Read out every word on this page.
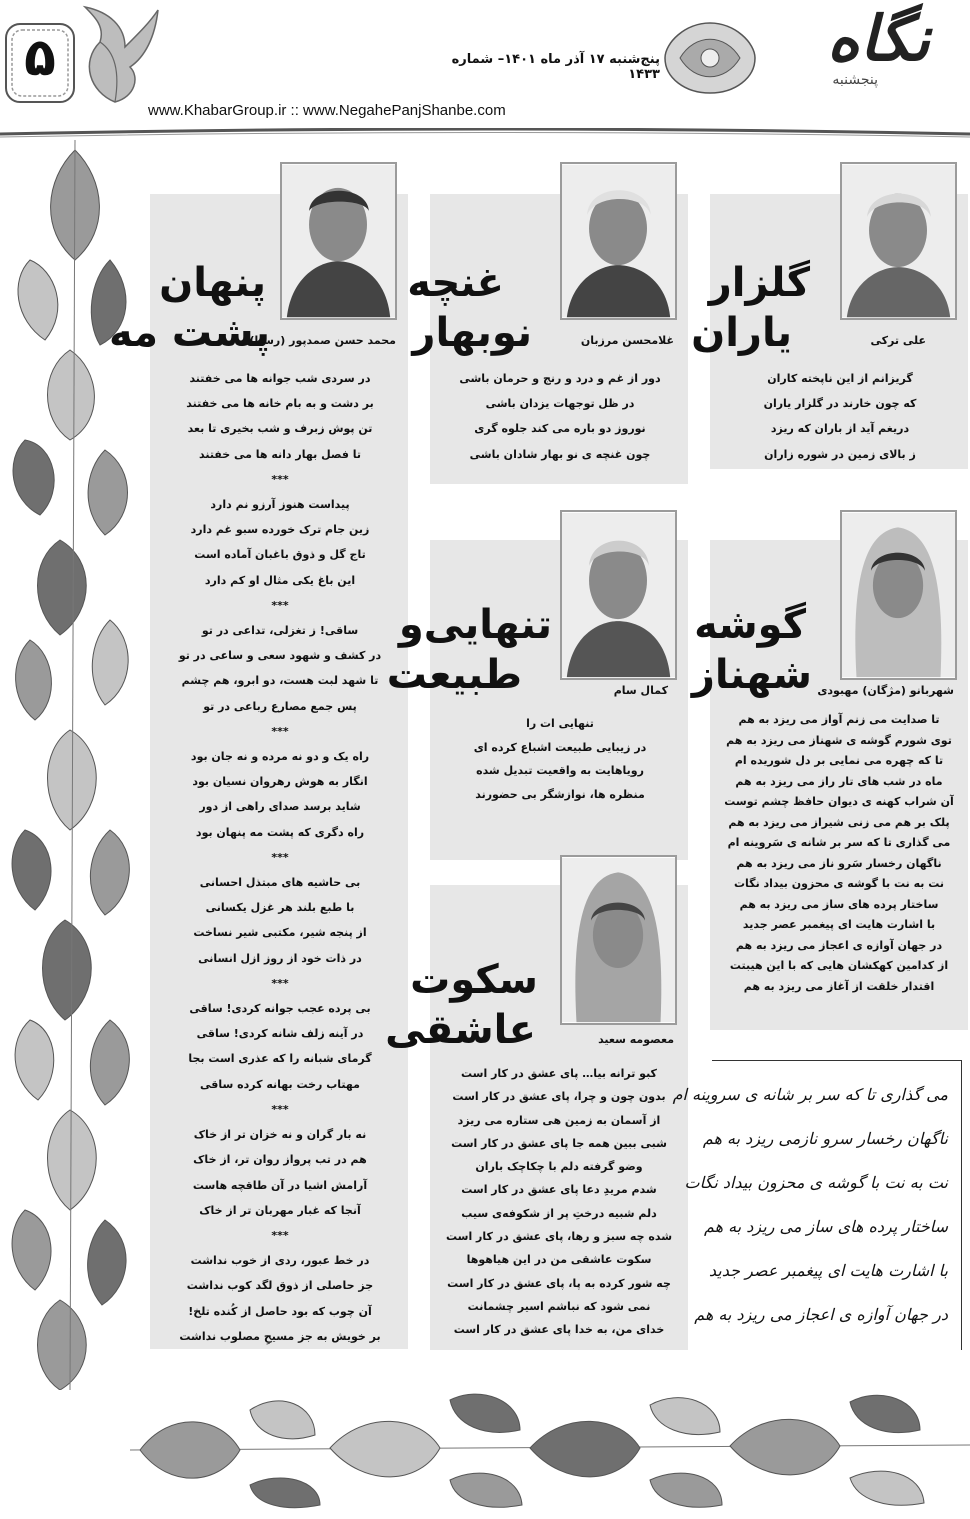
۵	پنج‌شنبه ۱۷ آذر ماه ۱۴۰۱– شماره ۱۴۳۳
www.KhabarGroup.ir :: www.NegahePanjShanbe.com
نگاه
پنجشنبه
گلزار
یاران
غنچه
نوبهار
پنهان
پشت مه
تنهایی‌و
طبیعت
گوشه
شهناز
سکوت
عاشقی
علی ترکی
غلامحسن مرزبان
محمد حسن صمدپور (رستا)
کمال سام	شهربانو (مژگان) مهبودی
معصومه سعید
گریزانم از این ناپخته کاران
که چون خارند در گلزار یاران
دریغم آید از باران که ریزد
ز بالای زمین در شوره زاران
دور از غم و درد و رنج و حرمان باشی
در ظل توجهات یزدان باشی
نوروز دو باره می کند جلوه گری
چون غنچه ی نو بهار شادان باشی
در سردی شب جوانه ها می خفتند
بر دشت و به بام خانه ها می خفتند
تن پوش زبرف و شب بخیری تا بعد
تا فصل بهار دانه ها می خفتند
***
پیداست هنوز آرزو نم دارد
زین جام ترک خورده سبو غم دارد
تاج گل و ذوق باغبان آماده است
این باغ یکی مثال او کم دارد
***
ساقی! ز تغزلی، تداعی در تو
در کشف و شهود سعی و ساعی در تو
تا شهد لبت هست، دو ابرو، هم چشم
پس جمع مصارع رباعی در تو
***
راه یک و دو نه مرده و نه جان بود
انگار به هوش رهروان نسیان بود
شاید برسد صدای راهی از دور
راه دگری که پشت مه پنهان بود
***
بی حاشیه های مبتذل احسانی
با طبع بلند هر غزل یکسانی
از پنجه شیر، مکتبی شیر نساخت
در ذات خود از روز ازل انسانی
***
بی پرده عجب جوانه کردی! ساقی
در آینه زلف شانه کردی! ساقی
گرمای شبانه را که عذری است بجا
مهتاب رخت بهانه کرده ساقی
***
نه بار گران و نه خزان تر از خاک
هم در تب پرواز روان تر، از خاک
آرامش اشیا در آن طاقچه هاست
آنجا که غبار مهربان تر از خاک
***
در خط عبور، ردی از خوب نداشت
جز حاصلی از ذوق لگد کوب نداشت
آن چوب که بود حاصل از کُنده تلخ!
بر خویش به جز مسیحِ مصلوب نداشت
تا صدایت می زنم آواز می ریزد به هم
توی شورم گوشه ی شهناز می ریزد به هم
تا که چهره می نمایی بر دل شوریده ام
ماه در شب های تار راز می ریزد به هم
آن شراب کهنه ی دیوان حافظ چشم توست
پلک بر هم می زنی شیراز می ریزد به هم
می گذاری تا که سر بر شانه ی سَروینه ام
ناگهان رخسار سَرو ناز می ریزد به هم
نت به نت با گوشه ی محزون بیداد نگات
ساختار پرده های ساز می ریزد به هم
با اشارت هایت ای پیغمبر عصر جدید
در جهان آوازه ی اعجاز می ریزد به هم
از کدامین کهکشان هایی که با این هیبتت
اقتدار خلقت از آغاز می ریزد به هم
تنهایی ات را
در زیبایی طبیعت اشباع کرده ای
رویاهایت به واقعیت تبدیل شده
منظره ها، نوازشگر بی حضورند
کبو ترانه بیا… پای عشق در کار است
بدون چون و چرا، پای عشق در کار است
از آسمان به زمین هی ستاره می ریزد
شبی ببین همه جا پای عشق در کار است
وضو گرفته دلم با چکاچک باران
شدم مریدِ دعا پای عشق در کار است
دلم شبیه درختِ پر از شکوفه‌ی سیب
شده چه سبز و رها، پای عشق در کار است
سکوت عاشقی من در این هیاهوها
چه شور کرده به پا، پای عشق در کار است
نمی شود که نباشم اسیر چشمانت
خدای من، به خدا پای عشق در کار است
می گذاری تا که سر بر شانه ی سروینه ام
ناگهان رخسار سرو نازمی ریزد به هم
نت به نت با گوشه ی محزون بیداد نگات
ساختار پرده های ساز می ریزد به هم
با اشارت هایت ای پیغمبر عصر جدید
در جهان آوازه ی اعجاز می ریزد به هم
